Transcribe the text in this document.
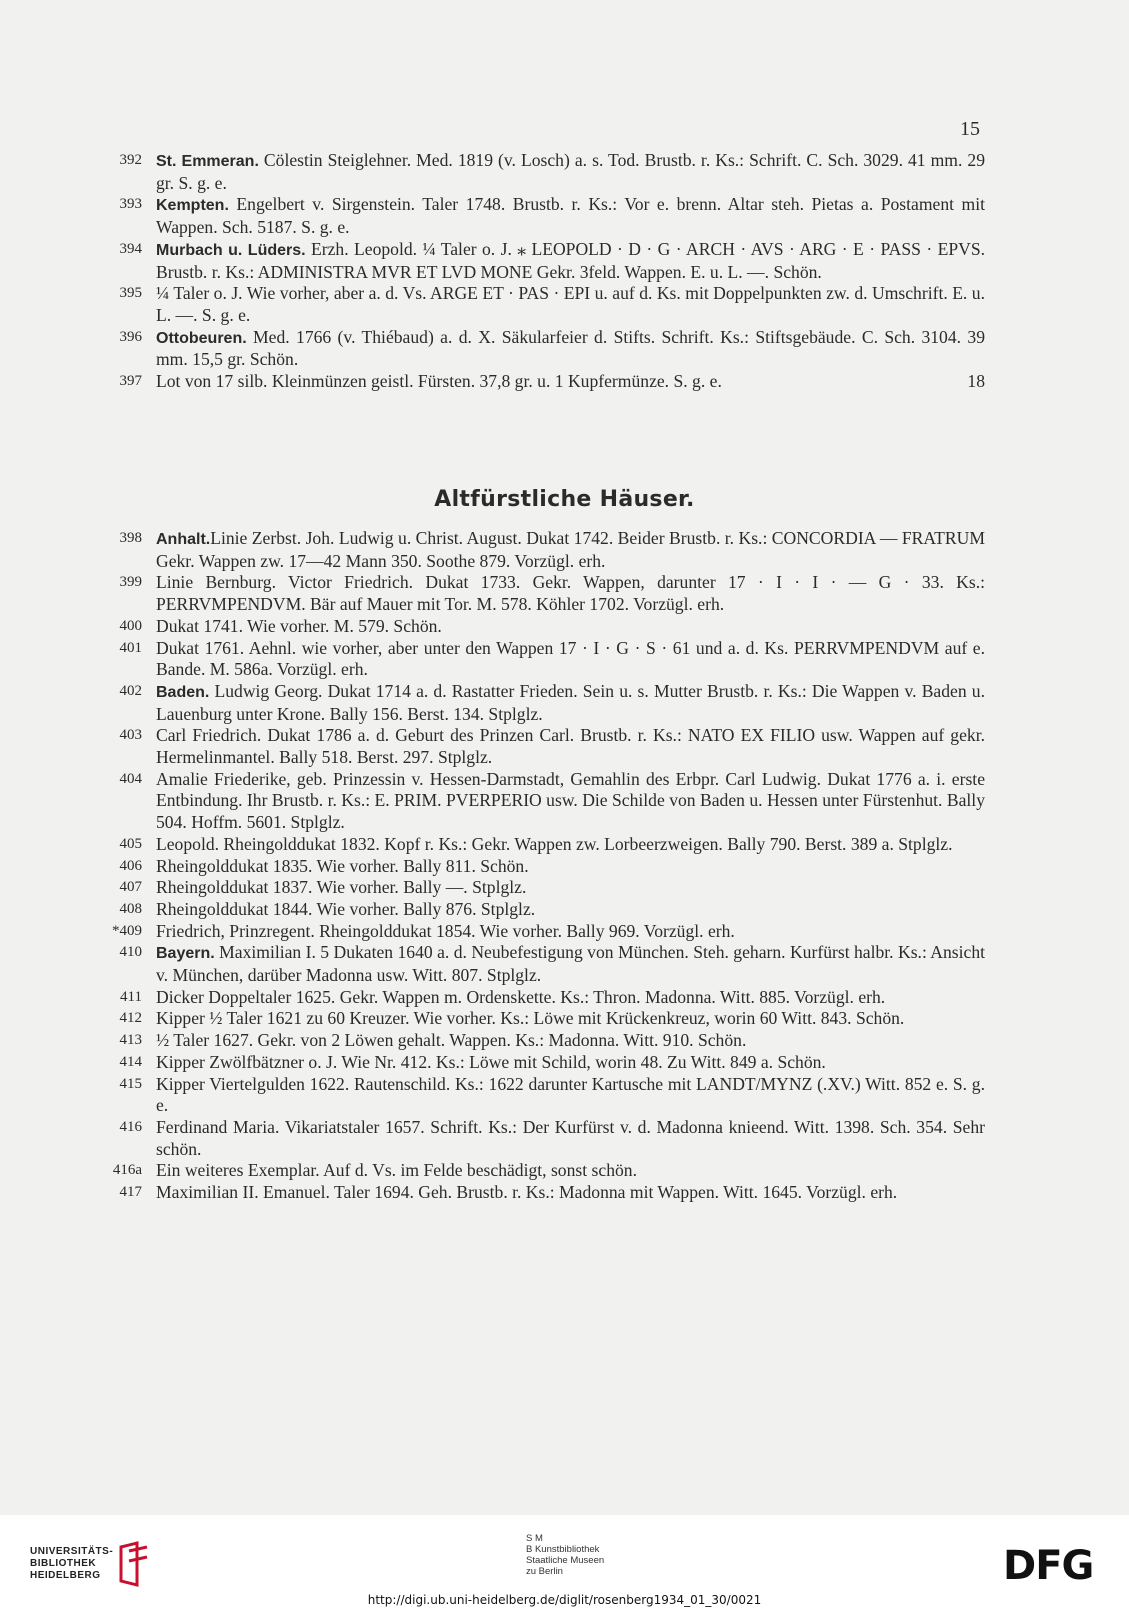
15
392 St. Emmeran. Cölestin Steiglehner. Med. 1819 (v. Losch) a. s. Tod. Brustb. r. Ks.: Schrift. C. Sch. 3029. 41 mm. 29 gr. S. g. e.
393 Kempten. Engelbert v. Sirgenstein. Taler 1748. Brustb. r. Ks.: Vor e. brenn. Altar steh. Pietas a. Postament mit Wappen. Sch. 5187. S. g. e.
394 Murbach u. Lüders. Erzh. Leopold. ¼ Taler o. J. ⁎ LEOPOLD · D · G · ARCH · AVS · ARG · E · PASS · EPVS. Brustb. r. Ks.: ADMINISTRA MVR ET LVD MONE Gekr. 3feld. Wappen. E. u. L. —. Schön.
395 ¼ Taler o. J. Wie vorher, aber a. d. Vs. ARGE ET · PAS · EPI u. auf d. Ks. mit Doppelpunkten zw. d. Umschrift. E. u. L. —. S. g. e.
396 Ottobeuren. Med. 1766 (v. Thiébaud) a. d. X. Säkularfeier d. Stifts. Schrift. Ks.: Stiftsgebäude. C. Sch. 3104. 39 mm. 15,5 gr. Schön.
397	18
Lot von 17 silb. Kleinmünzen geistl. Fürsten. 37,8 gr. u. 1 Kupfermünze. S. g. e.
Altfürstliche Häuser.
398 Anhalt.Linie Zerbst. Joh. Ludwig u. Christ. August. Dukat 1742. Beider Brustb. r. Ks.: CONCORDIA — FRATRUM Gekr. Wappen zw. 17—42 Mann 350. Soothe 879. Vorzügl. erh.
399 Linie Bernburg. Victor Friedrich. Dukat 1733. Gekr. Wappen, darunter 17 · I · I · — G · 33. Ks.: PERRVMPENDVM. Bär auf Mauer mit Tor. M. 578. Köhler 1702. Vorzügl. erh.
400 Dukat 1741. Wie vorher. M. 579. Schön.
401 Dukat 1761. Aehnl. wie vorher, aber unter den Wappen 17 · I · G · S · 61 und a. d. Ks. PERRVMPENDVM auf e. Bande. M. 586a. Vorzügl. erh.
402 Baden. Ludwig Georg. Dukat 1714 a. d. Rastatter Frieden. Sein u. s. Mutter Brustb. r. Ks.: Die Wappen v. Baden u. Lauenburg unter Krone. Bally 156. Berst. 134. Stplglz.
403 Carl Friedrich. Dukat 1786 a. d. Geburt des Prinzen Carl. Brustb. r. Ks.: NATO EX FILIO usw. Wappen auf gekr. Hermelinmantel. Bally 518. Berst. 297. Stplglz.
404 Amalie Friederike, geb. Prinzessin v. Hessen-Darmstadt, Gemahlin des Erbpr. Carl Ludwig. Dukat 1776 a. i. erste Entbindung. Ihr Brustb. r. Ks.: E. PRIM. PVERPERIO usw. Die Schilde von Baden u. Hessen unter Fürstenhut. Bally 504. Hoffm. 5601. Stplglz.
405 Leopold. Rheingolddukat 1832. Kopf r. Ks.: Gekr. Wappen zw. Lorbeerzweigen. Bally 790. Berst. 389 a. Stplglz.
406 Rheingolddukat 1835. Wie vorher. Bally 811. Schön.
407 Rheingolddukat 1837. Wie vorher. Bally —. Stplglz.
408 Rheingolddukat 1844. Wie vorher. Bally 876. Stplglz.
*409 Friedrich, Prinzregent. Rheingolddukat 1854. Wie vorher. Bally 969. Vorzügl. erh.
410 Bayern. Maximilian I. 5 Dukaten 1640 a. d. Neubefestigung von München. Steh. geharn. Kurfürst halbr. Ks.: Ansicht v. München, darüber Madonna usw. Witt. 807. Stplglz.
411 Dicker Doppeltaler 1625. Gekr. Wappen m. Ordenskette. Ks.: Thron. Madonna. Witt. 885. Vorzügl. erh.
412 Kipper ½ Taler 1621 zu 60 Kreuzer. Wie vorher. Ks.: Löwe mit Krückenkreuz, worin 60 Witt. 843. Schön.
413 ½ Taler 1627. Gekr. von 2 Löwen gehalt. Wappen. Ks.: Madonna. Witt. 910. Schön.
414 Kipper Zwölfbätzner o. J. Wie Nr. 412. Ks.: Löwe mit Schild, worin 48. Zu Witt. 849 a. Schön.
415 Kipper Viertelgulden 1622. Rautenschild. Ks.: 1622 darunter Kartusche mit LANDT/MYNZ (.XV.) Witt. 852 e. S. g. e.
416 Ferdinand Maria. Vikariatstaler 1657. Schrift. Ks.: Der Kurfürst v. d. Madonna knieend. Witt. 1398. Sch. 354. Sehr schön.
416a Ein weiteres Exemplar. Auf d. Vs. im Felde beschädigt, sonst schön.
417 Maximilian II. Emanuel. Taler 1694. Geh. Brustb. r. Ks.: Madonna mit Wappen. Witt. 1645. Vorzügl. erh.
UNIVERSITÄTS-
BIBLIOTHEK
HEIDELBERG
S M
B Kunstbibliothek
Staatliche Museen
zu Berlin	DFG
http://digi.ub.uni-heidelberg.de/diglit/rosenberg1934_01_30/0021
